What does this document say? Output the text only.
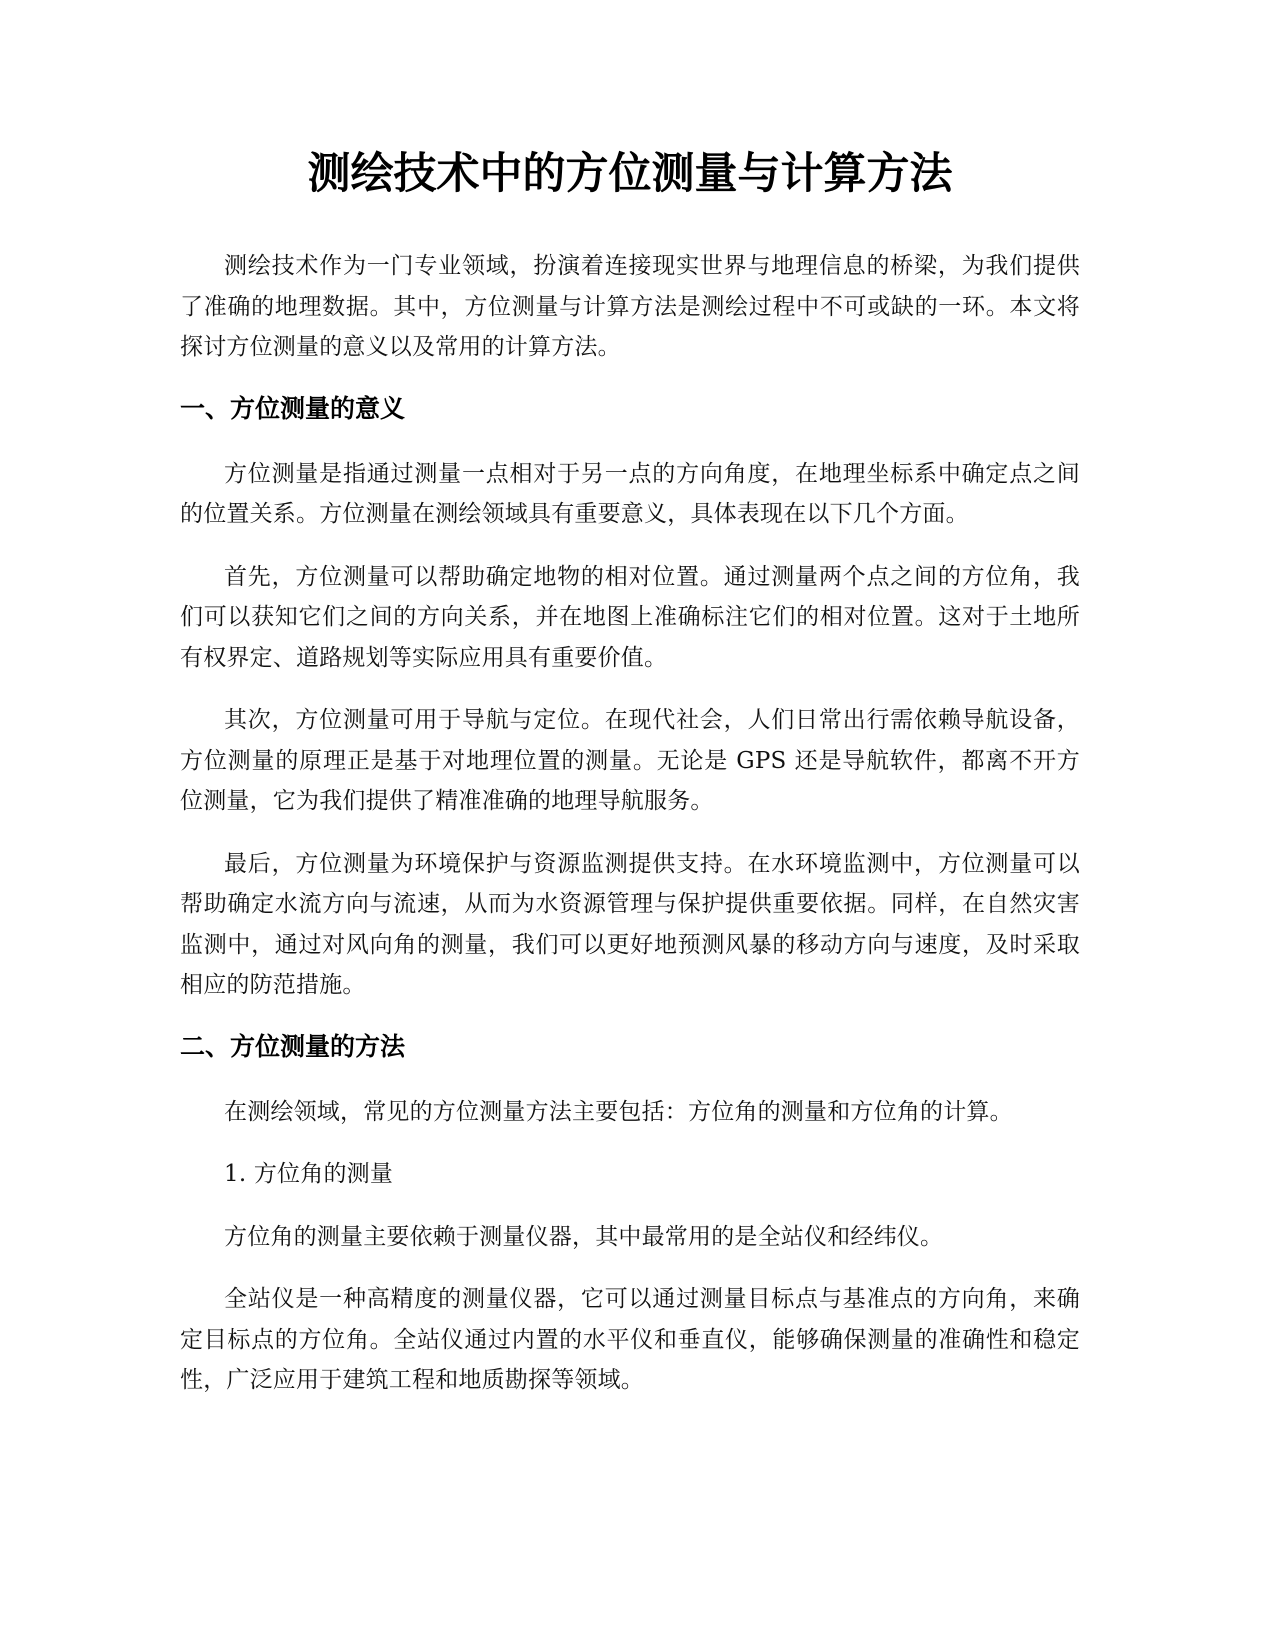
测绘技术中的方位测量与计算方法

测绘技术作为一门专业领域，扮演着连接现实世界与地理信息的桥梁，为我们提供了准确的地理数据。其中，方位测量与计算方法是测绘过程中不可或缺的一环。本文将探讨方位测量的意义以及常用的计算方法。

一、方位测量的意义

方位测量是指通过测量一点相对于另一点的方向角度，在地理坐标系中确定点之间的位置关系。方位测量在测绘领域具有重要意义，具体表现在以下几个方面。

首先，方位测量可以帮助确定地物的相对位置。通过测量两个点之间的方位角，我们可以获知它们之间的方向关系，并在地图上准确标注它们的相对位置。这对于土地所有权界定、道路规划等实际应用具有重要价值。

其次，方位测量可用于导航与定位。在现代社会，人们日常出行需依赖导航设备，方位测量的原理正是基于对地理位置的测量。无论是 GPS 还是导航软件，都离不开方位测量，它为我们提供了精准准确的地理导航服务。

最后，方位测量为环境保护与资源监测提供支持。在水环境监测中，方位测量可以帮助确定水流方向与流速，从而为水资源管理与保护提供重要依据。同样，在自然灾害监测中，通过对风向角的测量，我们可以更好地预测风暴的移动方向与速度，及时采取相应的防范措施。

二、方位测量的方法

在测绘领域，常见的方位测量方法主要包括：方位角的测量和方位角的计算。

1. 方位角的测量

方位角的测量主要依赖于测量仪器，其中最常用的是全站仪和经纬仪。

全站仪是一种高精度的测量仪器，它可以通过测量目标点与基准点的方向角，来确定目标点的方位角。全站仪通过内置的水平仪和垂直仪，能够确保测量的准确性和稳定性，广泛应用于建筑工程和地质勘探等领域。
